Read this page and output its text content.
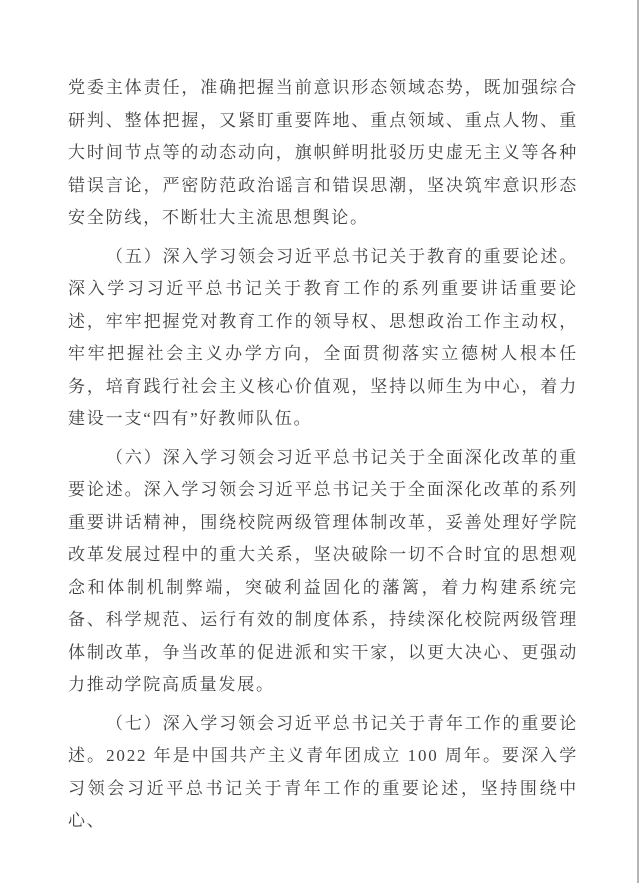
党委主体责任，准确把握当前意识形态领域态势，既加强综合研判、整体把握，又紧盯重要阵地、重点领域、重点人物、重大时间节点等的动态动向，旗帜鲜明批驳历史虚无主义等各种错误言论，严密防范政治谣言和错误思潮，坚决筑牢意识形态安全防线，不断壮大主流思想舆论。

（五）深入学习领会习近平总书记关于教育的重要论述。深入学习习近平总书记关于教育工作的系列重要讲话重要论述，牢牢把握党对教育工作的领导权、思想政治工作主动权，牢牢把握社会主义办学方向，全面贯彻落实立德树人根本任务，培育践行社会主义核心价值观，坚持以师生为中心，着力建设一支“四有”好教师队伍。

（六）深入学习领会习近平总书记关于全面深化改革的重要论述。深入学习领会习近平总书记关于全面深化改革的系列重要讲话精神，围绕校院两级管理体制改革，妥善处理好学院改革发展过程中的重大关系，坚决破除一切不合时宜的思想观念和体制机制弊端，突破利益固化的藩篱，着力构建系统完备、科学规范、运行有效的制度体系，持续深化校院两级管理体制改革，争当改革的促进派和实干家，以更大决心、更强动力推动学院高质量发展。

（七）深入学习领会习近平总书记关于青年工作的重要论述。2022 年是中国共产主义青年团成立 100 周年。要深入学习领会习近平总书记关于青年工作的重要论述，坚持围绕中心、
